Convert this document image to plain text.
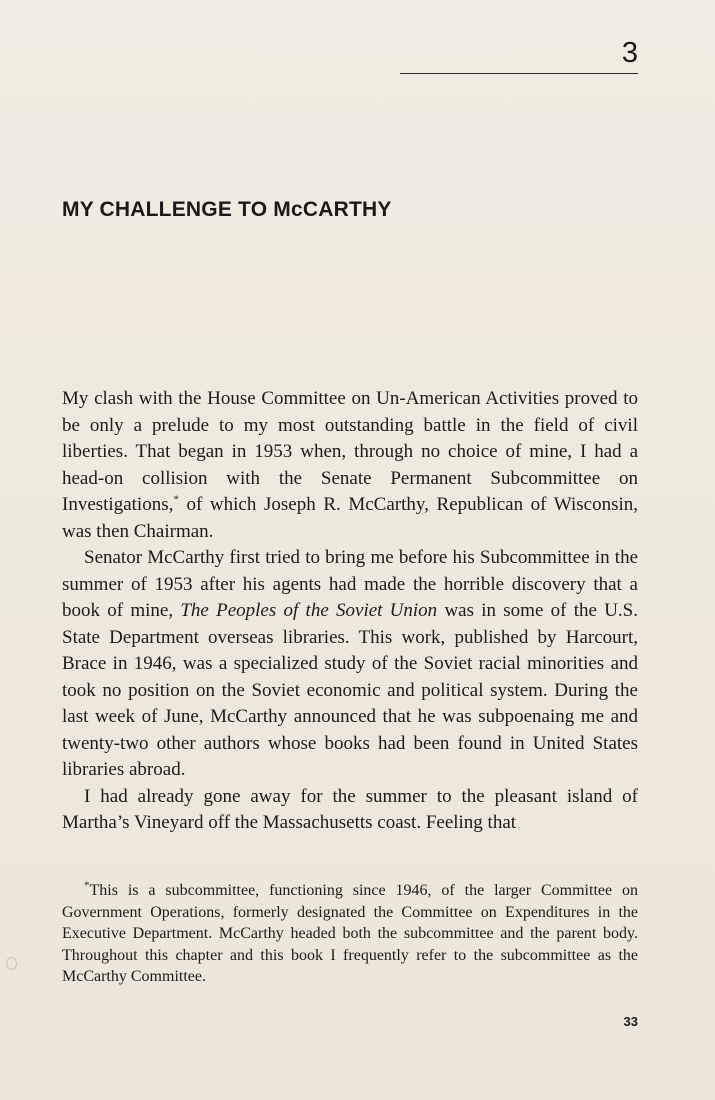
3
MY CHALLENGE TO McCARTHY

My clash with the House Committee on Un-American Activities proved to be only a prelude to my most outstanding battle in the field of civil liberties. That began in 1953 when, through no choice of mine, I had a head-on collision with the Senate Permanent Subcommittee on Investigations,* of which Joseph R. McCarthy, Republican of Wisconsin, was then Chairman.

Senator McCarthy first tried to bring me before his Subcommittee in the summer of 1953 after his agents had made the horrible discovery that a book of mine, The Peoples of the Soviet Union was in some of the U.S. State Department overseas libraries. This work, published by Harcourt, Brace in 1946, was a specialized study of the Soviet racial minorities and took no position on the Soviet economic and political system. During the last week of June, McCarthy announced that he was subpoenaing me and twenty-two other authors whose books had been found in United States libraries abroad.

I had already gone away for the summer to the pleasant island of Martha’s Vineyard off the Massachusetts coast. Feeling that

*This is a subcommittee, functioning since 1946, of the larger Committee on Government Operations, formerly designated the Committee on Expenditures in the Executive Department. McCarthy headed both the subcommittee and the parent body. Throughout this chapter and this book I frequently refer to the subcommittee as the McCarthy Committee.

33
